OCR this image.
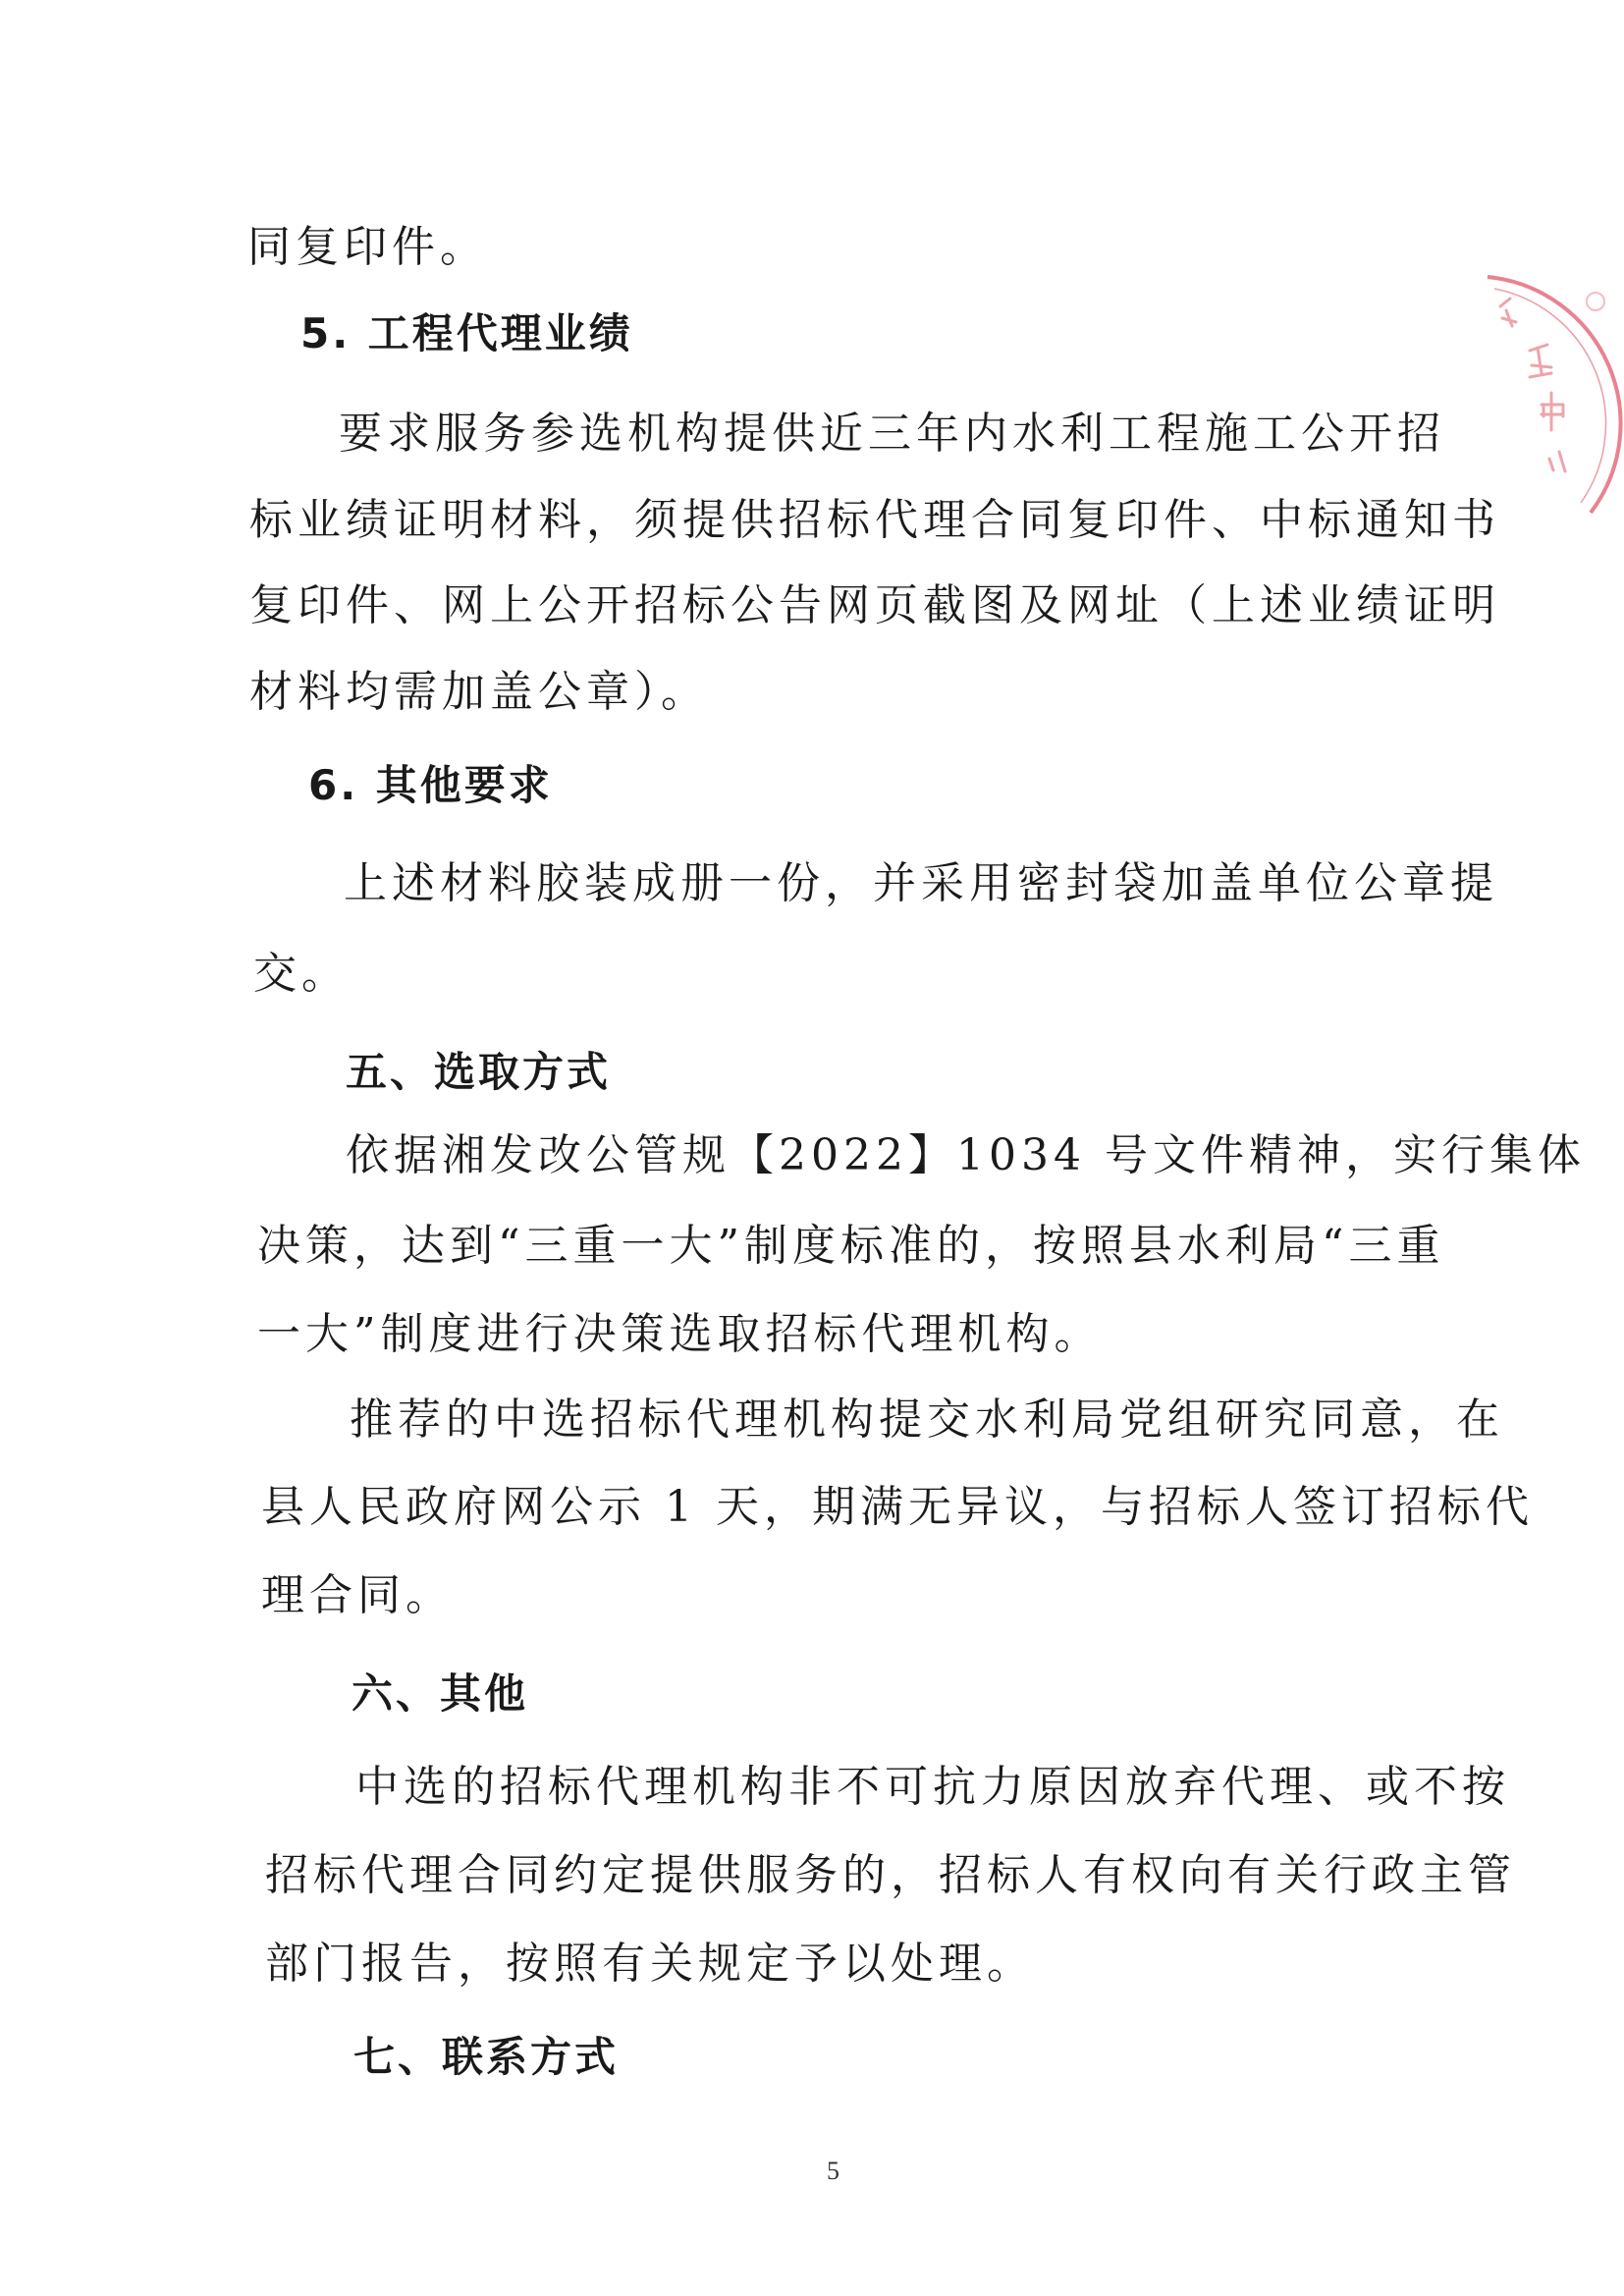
同复印件。
5. 工程代理业绩
要求服务参选机构提供近三年内水利工程施工公开招
标业绩证明材料，须提供招标代理合同复印件、中标通知书
复印件、网上公开招标公告网页截图及网址（上述业绩证明
材料均需加盖公章）。
6. 其他要求
上述材料胶装成册一份，并采用密封袋加盖单位公章提
交。
五、选取方式
依据湘发改公管规【2022】1034 号文件精神，实行集体
决策，达到“三重一大”制度标准的，按照县水利局“三重
一大”制度进行决策选取招标代理机构。
推荐的中选招标代理机构提交水利局党组研究同意，在
县人民政府网公示 1 天，期满无异议，与招标人签订招标代
理合同。
六、其他
中选的招标代理机构非不可抗力原因放弃代理、或不按
招标代理合同约定提供服务的，招标人有权向有关行政主管
部门报告，按照有关规定予以处理。
七、联系方式
5
